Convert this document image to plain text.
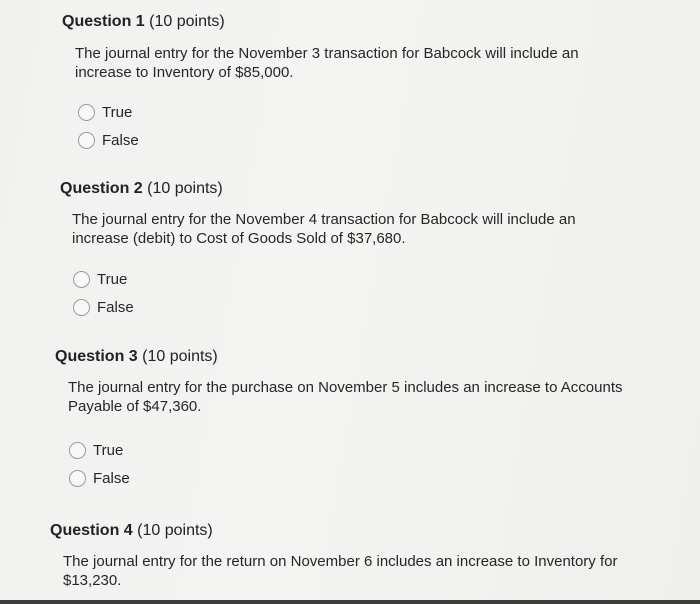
Question 1 (10 points)

The journal entry for the November 3 transaction for Babcock will include an

increase to Inventory of $85,000.

True
False

Question 2 (10 points)

The journal entry for the November 4 transaction for Babcock will include an

increase (debit) to Cost of Goods Sold of $37,680.

True
False

Question 3 (10 points)

The journal entry for the purchase on November 5 includes an increase to Accounts

Payable of $47,360.

True
False

Question 4 (10 points)

The journal entry for the return on November 6 includes an increase to Inventory for

$13,230.
